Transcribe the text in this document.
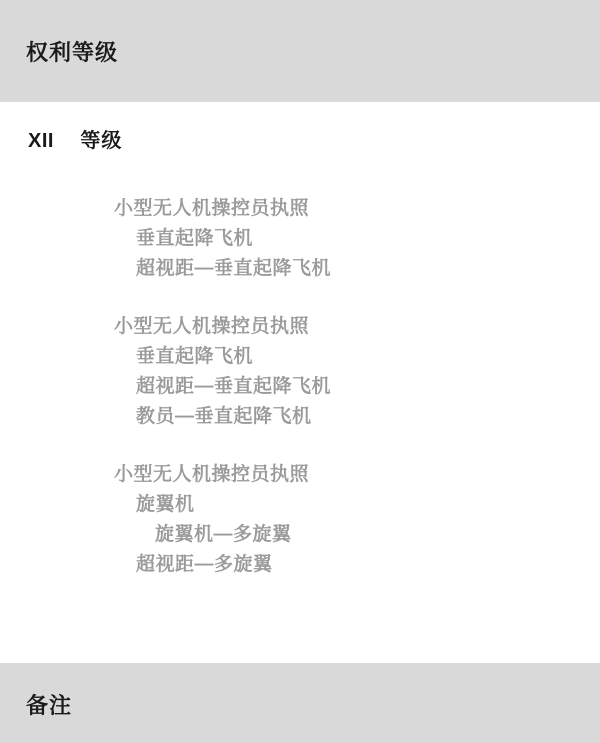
权利等级
XII 等级
小型无人机操控员执照
垂直起降飞机
超视距—垂直起降飞机
小型无人机操控员执照
垂直起降飞机
超视距—垂直起降飞机
教员—垂直起降飞机
小型无人机操控员执照
旋翼机
旋翼机—多旋翼
超视距—多旋翼
备注
